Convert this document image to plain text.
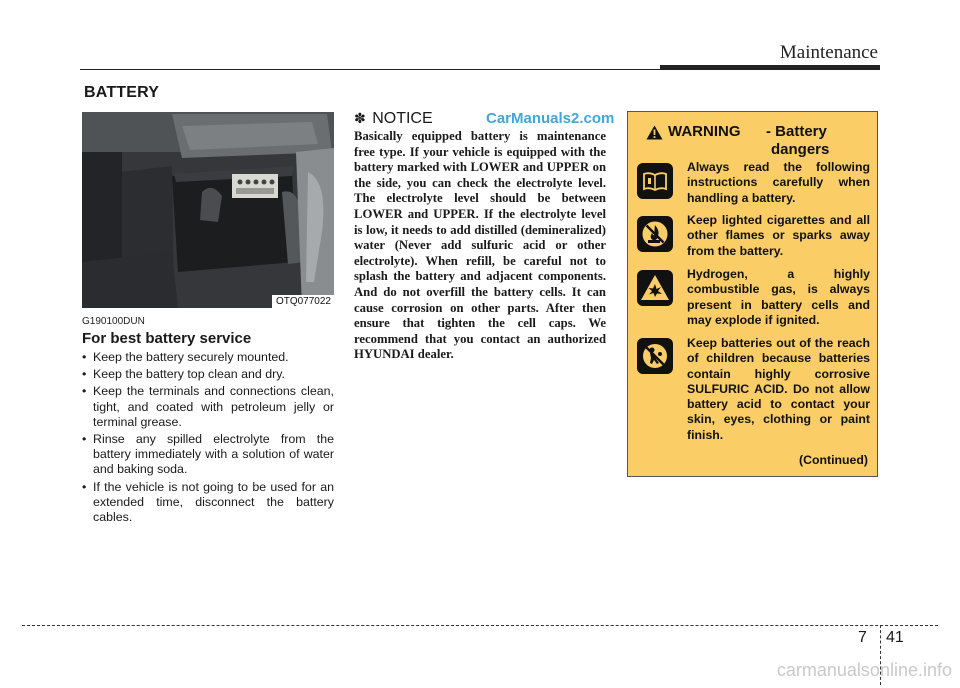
Maintenance
BATTERY
OTQ077022
G190100DUN
For best battery service
• Keep the battery securely mounted.
• Keep the battery top clean and dry.
• Keep the terminals and connections clean, tight, and coated with petroleum jelly or terminal grease.
• Rinse any spilled electrolyte from the battery immediately with a solution of water and baking soda.
• If the vehicle is not going to be used for an extended time, disconnect the battery cables.
✽ NOTICE	CarManuals2.com

Basically equipped battery is maintenance free type. If your vehicle is equipped with the battery marked with LOWER and UPPER on the side, you can check the electrolyte level. The electrolyte level should be between LOWER and UPPER. If the electrolyte level is low, it needs to add distilled (demineralized) water (Never add sulfuric acid or other electrolyte). When refill, be careful not to splash the battery and adjacent components. And do not overfill the battery cells. It can cause corrosion on other parts. After then ensure that tighten the cell caps. We recommend that you contact an authorized HYUNDAI dealer.

WARNING - Battery
dangers
Always read the following instructions carefully when handling a battery.
Keep lighted cigarettes and all other flames or sparks away from the battery.
Hydrogen, a highly combustible gas, is always present in battery cells and may explode if ignited.
Keep batteries out of the reach of children because batteries contain highly corrosive SULFURIC ACID. Do not allow battery acid to contact your skin, eyes, clothing or paint finish.
(Continued)
7 41
carmanualsonline.info
